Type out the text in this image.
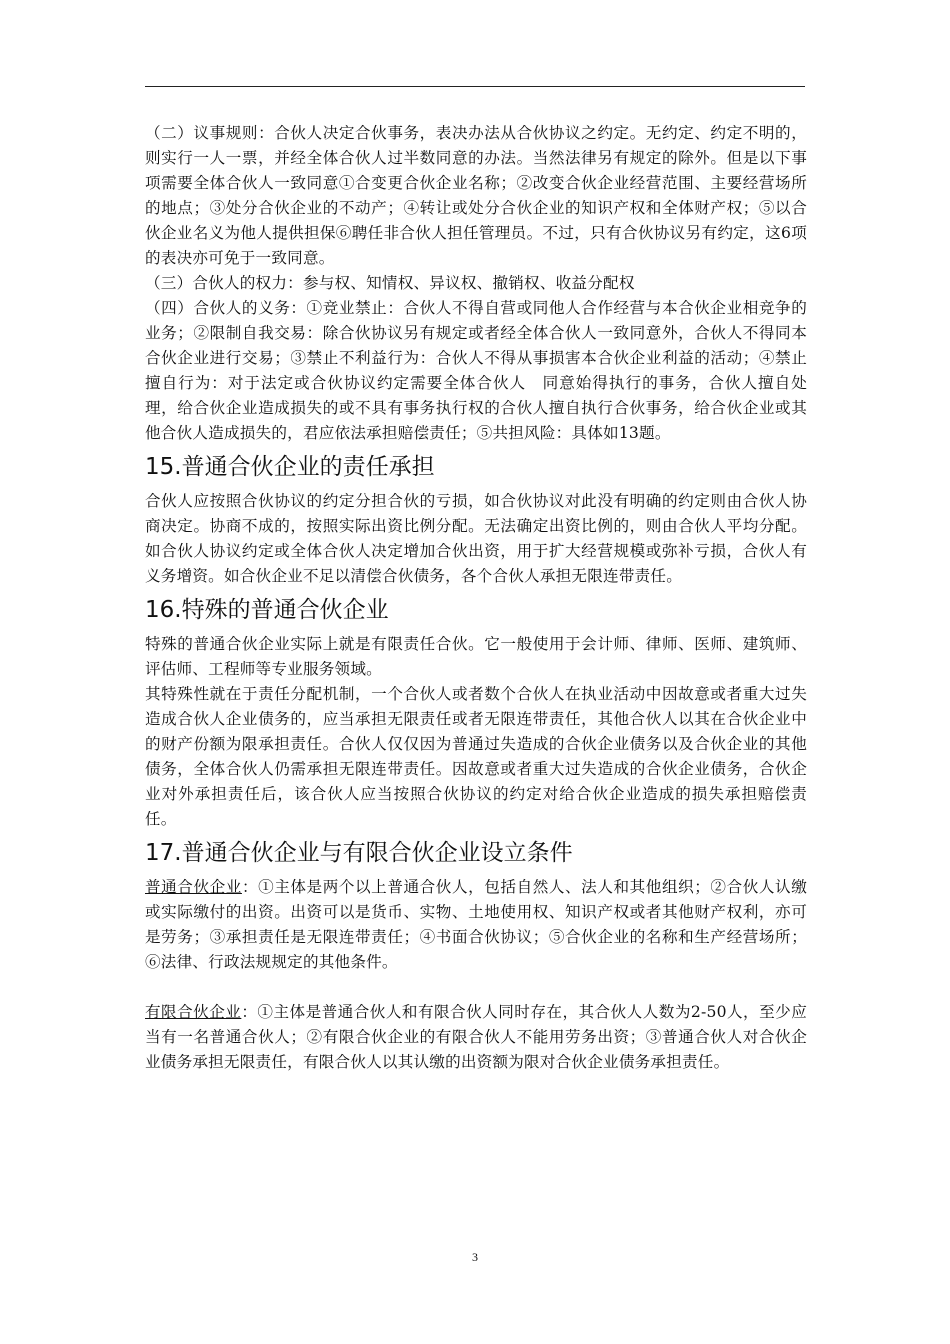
（二）议事规则：合伙人决定合伙事务，表决办法从合伙协议之约定。无约定、约定不明的，则实行一人一票，并经全体合伙人过半数同意的办法。当然法律另有规定的除外。但是以下事项需要全体合伙人一致同意①合变更合伙企业名称；②改变合伙企业经营范围、主要经营场所的地点；③处分合伙企业的不动产；④转让或处分合伙企业的知识产权和全体财产权；⑤以合伙企业名义为他人提供担保⑥聘任非合伙人担任管理员。不过，只有合伙协议另有约定，这6项的表决亦可免于一致同意。

（三）合伙人的权力：参与权、知情权、异议权、撤销权、收益分配权

（四）合伙人的义务：①竞业禁止：合伙人不得自营或同他人合作经营与本合伙企业相竞争的业务；②限制自我交易：除合伙协议另有规定或者经全体合伙人一致同意外，合伙人不得同本合伙企业进行交易；③禁止不利益行为：合伙人不得从事损害本合伙企业利益的活动；④禁止擅自行为：对于法定或合伙协议约定需要全体合伙人　同意始得执行的事务，合伙人擅自处理，给合伙企业造成损失的或不具有事务执行权的合伙人擅自执行合伙事务，给合伙企业或其他合伙人造成损失的，君应依法承担赔偿责任；⑤共担风险：具体如13题。

15.普通合伙企业的责任承担

合伙人应按照合伙协议的约定分担合伙的亏损，如合伙协议对此没有明确的约定则由合伙人协商决定。协商不成的，按照实际出资比例分配。无法确定出资比例的，则由合伙人平均分配。如合伙人协议约定或全体合伙人决定增加合伙出资，用于扩大经营规模或弥补亏损，合伙人有义务增资。如合伙企业不足以清偿合伙债务，各个合伙人承担无限连带责任。

16.特殊的普通合伙企业

特殊的普通合伙企业实际上就是有限责任合伙。它一般使用于会计师、律师、医师、建筑师、评估师、工程师等专业服务领域。

其特殊性就在于责任分配机制，一个合伙人或者数个合伙人在执业活动中因故意或者重大过失造成合伙人企业债务的，应当承担无限责任或者无限连带责任，其他合伙人以其在合伙企业中的财产份额为限承担责任。合伙人仅仅因为普通过失造成的合伙企业债务以及合伙企业的其他债务，全体合伙人仍需承担无限连带责任。因故意或者重大过失造成的合伙企业债务，合伙企业对外承担责任后，该合伙人应当按照合伙协议的约定对给合伙企业造成的损失承担赔偿责任。

17.普通合伙企业与有限合伙企业设立条件

普通合伙企业：①主体是两个以上普通合伙人，包括自然人、法人和其他组织；②合伙人认缴或实际缴付的出资。出资可以是货币、实物、土地使用权、知识产权或者其他财产权利，亦可是劳务；③承担责任是无限连带责任；④书面合伙协议；⑤合伙企业的名称和生产经营场所；⑥法律、行政法规规定的其他条件。

有限合伙企业：①主体是普通合伙人和有限合伙人同时存在，其合伙人人数为2-50人，至少应当有一名普通合伙人；②有限合伙企业的有限合伙人不能用劳务出资；③普通合伙人对合伙企业债务承担无限责任，有限合伙人以其认缴的出资额为限对合伙企业债务承担责任。

3
